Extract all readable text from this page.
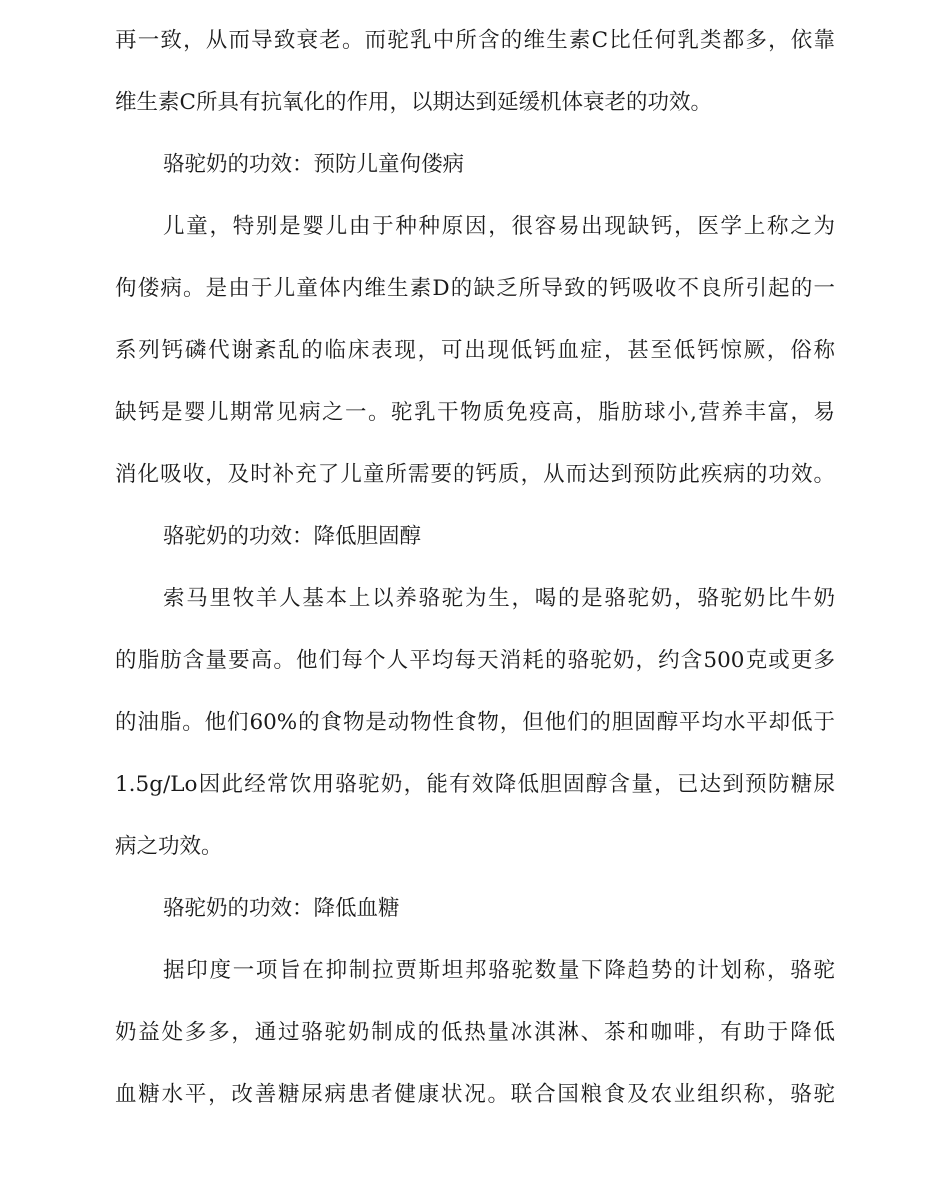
再一致，从而导致衰老。而驼乳中所含的维生素C比任何乳类都多，依靠
维生素C所具有抗氧化的作用，以期达到延缓机体衰老的功效。
骆驼奶的功效：预防儿童佝偻病
儿童，特别是婴儿由于种种原因，很容易出现缺钙，医学上称之为
佝偻病。是由于儿童体内维生素D的缺乏所导致的钙吸收不良所引起的一
系列钙磷代谢紊乱的临床表现，可出现低钙血症，甚至低钙惊厥，俗称
缺钙是婴儿期常见病之一。驼乳干物质免疫高，脂肪球小,营养丰富，易
消化吸收，及时补充了儿童所需要的钙质，从而达到预防此疾病的功效。
骆驼奶的功效：降低胆固醇
索马里牧羊人基本上以养骆驼为生，喝的是骆驼奶，骆驼奶比牛奶
的脂肪含量要高。他们每个人平均每天消耗的骆驼奶，约含500克或更多
的油脂。他们60%的食物是动物性食物，但他们的胆固醇平均水平却低于
1.5g/Lo因此经常饮用骆驼奶，能有效降低胆固醇含量，已达到预防糖尿
病之功效。
骆驼奶的功效：降低血糖
据印度一项旨在抑制拉贾斯坦邦骆驼数量下降趋势的计划称，骆驼
奶益处多多，通过骆驼奶制成的低热量冰淇淋、茶和咖啡，有助于降低
血糖水平，改善糖尿病患者健康状况。联合国粮食及农业组织称，骆驼
